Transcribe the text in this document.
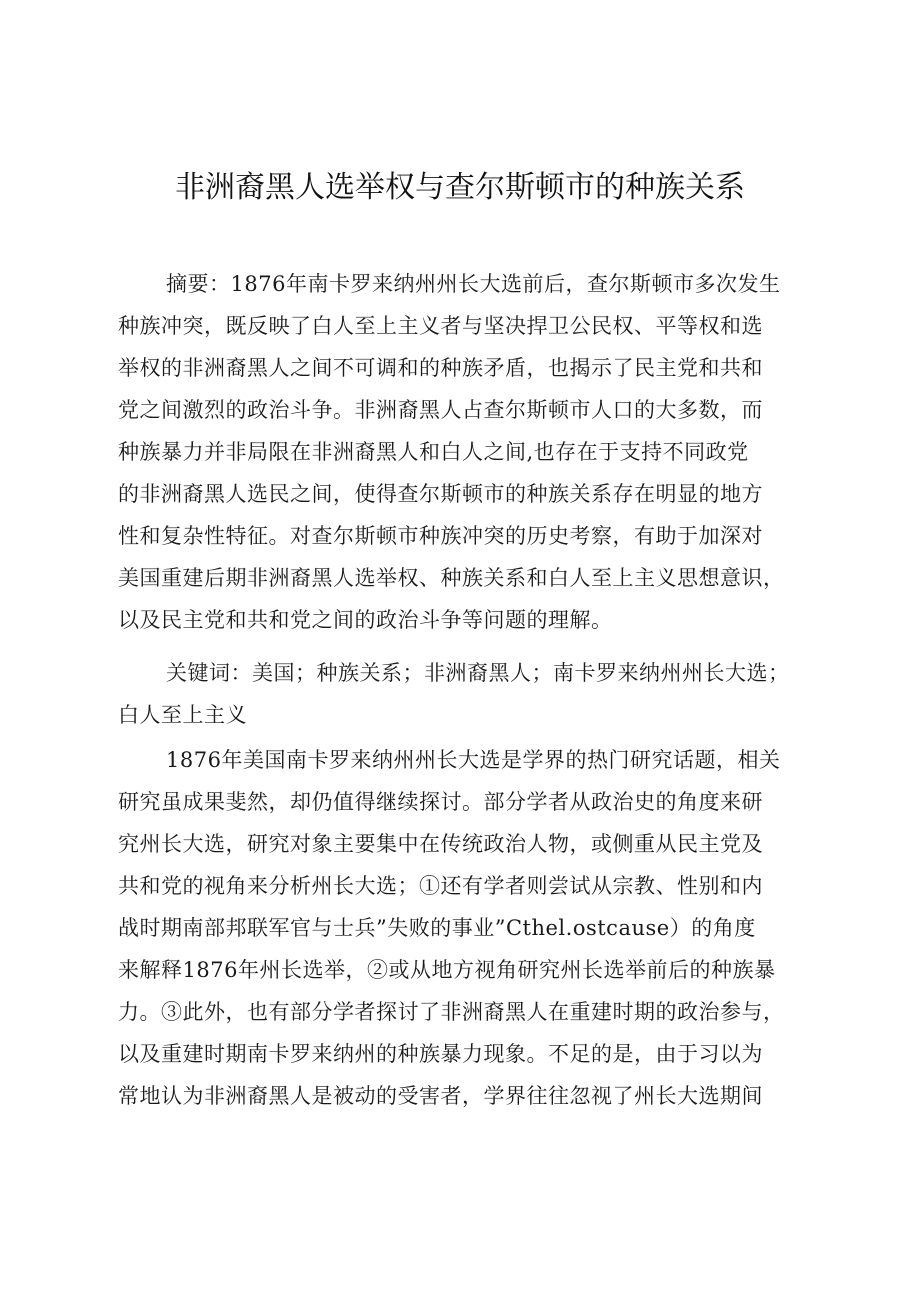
非洲裔黑人选举权与查尔斯顿市的种族关系
摘要：1876年南卡罗来纳州州长大选前后，查尔斯顿市多次发生
种族冲突，既反映了白人至上主义者与坚决捍卫公民权、平等权和选
举权的非洲裔黑人之间不可调和的种族矛盾，也揭示了民主党和共和
党之间激烈的政治斗争。非洲裔黑人占查尔斯顿市人口的大多数，而
种族暴力并非局限在非洲裔黑人和白人之间,也存在于支持不同政党
的非洲裔黑人选民之间，使得查尔斯顿市的种族关系存在明显的地方
性和复杂性特征。对查尔斯顿市种族冲突的历史考察，有助于加深对
美国重建后期非洲裔黑人选举权、种族关系和白人至上主义思想意识，
以及民主党和共和党之间的政治斗争等问题的理解。
关键词：美国；种族关系；非洲裔黑人；南卡罗来纳州州长大选；
白人至上主义
1876年美国南卡罗来纳州州长大选是学界的热门研究话题，相关
研究虽成果斐然，却仍值得继续探讨。部分学者从政治史的角度来研
究州长大选，研究对象主要集中在传统政治人物，或侧重从民主党及
共和党的视角来分析州长大选；①还有学者则尝试从宗教、性别和内
战时期南部邦联军官与士兵”失败的事业”Cthel.ostcause）的角度
来解释1876年州长选举，②或从地方视角研究州长选举前后的种族暴
力。③此外，也有部分学者探讨了非洲裔黑人在重建时期的政治参与，
以及重建时期南卡罗来纳州的种族暴力现象。不足的是，由于习以为
常地认为非洲裔黑人是被动的受害者，学界往往忽视了州长大选期间
